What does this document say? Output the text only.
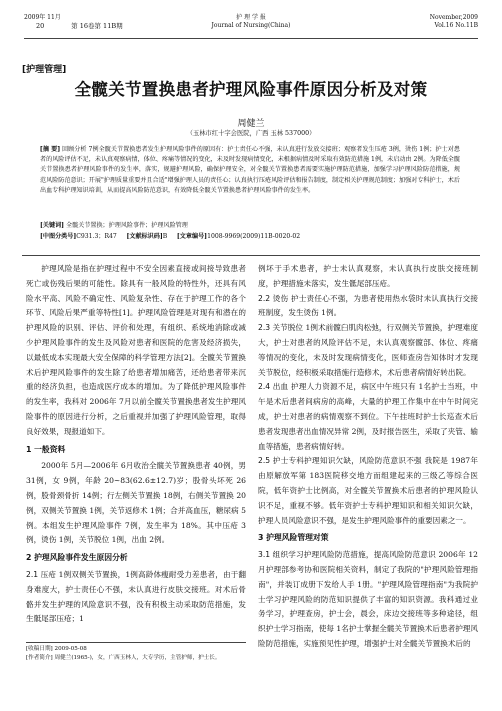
2009年 11月	护 理 学 报	November,2009
20	第 16卷第 11B期	Journal of Nursing(China)	Vol.16 No.11B
[护理管理]
全髋关节置换患者护理风险事件原因分析及对策
周健兰
（玉林市红十字会医院，广西 玉林 537000）
[摘 要] 回顾分析 7例全髋关节置换患者发生护理风险事件的原因有：护士责任心不强，未认真进行发放交接班；观察者发生压疮 3例，烫伤 1例；护士对患者的风险评估不足，未认真观察病情，体位、疼痛等情况的变化，未及时发现病情变化，未根据病情及时采取有效防范措施 1例，未启动由 2例。为降低全髋关节置换患者护理风险事件的发生率，落实，规避护理风险，确保护理安全，对全髋关节置换患者需要实施护理防范措施，加强学习护理风险防范措施，规范风险防范意识；开展"护理质量重要并且合适"增强护理人员的责任心；认真执行压疮风险评估和报告制度，制定相关护理规范制度；加强对专科护士，术后出血专科护理知识培训，从而提高风险防范意识，有效降低全髋关节置换患者护理风险事件的发生率。
[关键词] 全髋关节置换；护理风险事件；护理风险管理
[中图分类号]C931.3；R47 [文献标识码]B [文章编号]1008-9969(2009)11B-0020-02

护理风险是指在护理过程中不安全因素直接或间接导致患者死亡或伤残后果的可能性。除具有一般风险的特性外，还具有风险水平高、风险不确定性、风险复杂性、存在于护理工作的各个环节、风险后果严重等特性[1]。护理风险管理是对现有和潜在的护理风险的识别、评估、评价和处理，有组织、系统地消除或减少护理风险事件的发生及风险对患者和医院的危害及经济损失，以最低成本实现最大安全保障的科学管理方法[2]。全髋关节置换术后护理风险事件的发生除了给患者增加痛苦，还给患者带来沉重的经济负担，也造成医疗成本的增加。为了降低护理风险事件的发生率，我科对 2006年 7月以前全髋关节置换患者发生护理风险事件的原因进行分析，之后重视并加强了护理风险管理，取得良好效果，现报道如下。

1 一般资料

2000年 5月—2006年 6月收治全髋关节置换患者 40例，男 31例，女 9例，年龄 20~83(62.6±12.7)岁；股骨头坏死 26例，股骨颈骨折 14例；行左侧关节置换 18例，右侧关节置换 20例，双侧关节置换 1例，关节返修术 1例；合并高血压，糖尿病 5例。本组发生护理风险事件 7例，发生率为 18%。其中压疮 3例，烫伤 1例，关节脱位 1例，出血 2例。

2 护理风险事件发生原因分析

2.1 压疮 1例双侧关节置换，1例高龄体瘦耐受力差患者，由于翻身难度大，护士责任心不强，未认真进行皮肤交接班。对术后骨骼并发生护理的风险意识不强，没有积极主动采取防范措施，发生骶尾部压疮；1

[收稿日期] 2009-05-08
[作者简介] 周健兰(1965-)，女，广西玉林人，大专学历，主管护师，护士长。

例坏于手术患者，护士未认真观察，未认真执行皮肤交接班制度，护理措施未落实，发生骶尾部压疮。

2.2 烫伤 护士责任心不强，为患者使用热水袋时未认真执行交接班制度，发生烫伤 1例。

2.3 关节脱位 1例术前髋臼肌肉松弛，行双侧关节置换，护理难度大，护士对患者的风险评估不足，未认真观察髋部、体位、疼痛等情况的变化，未及时发现病情变化，医师查房告知体时才发现关节脱位，经积极采取措施行造修术，术后患者病情好转出院。

2.4 出血 护理人力资源不足，病区中午班只有 1名护士当班，中午是术后患者间病房的高峰，大量的护理工作集中在中午时间完成，护士对患者的病情观察不到位。下午挂班时护士长巡查术后患者发现患者出血情况异常 2例，及时报告医生，采取了夹管、输血等措施，患者病情好转。

2.5 护士专科护理知识欠缺，风险防范意识不强 我院是 1987年由原解放军第 183医院移交地方而组建起来的三级乙等综合医院，低年资护士比例高，对全髋关节置换术后患者的护理风险认识不足，重视不够。低年资护士专科护理知识和相关知识欠缺，护理人员风险意识不强，是发生护理风险事件的重要因素之一。

3 护理风险管理对策

3.1 组织学习护理风险防范措施，提高风险防范意识 2006年 12月护理部参考协和医院相关资料，制定了我院的"护理风险管理指南"，并装订成册下发给人手 1册。"护理风险管理指南"为我院护士学习护理风险的防范知识提供了丰富的知识资源。我科通过业务学习，护理查房，护士会，晨会，床边交接班等多种途径，组织护士学习指南，使每 1名护士掌握全髋关节置换术后患者护理风险防范措施，实施预见性护理，增强护士对全髋关节置换术后的
